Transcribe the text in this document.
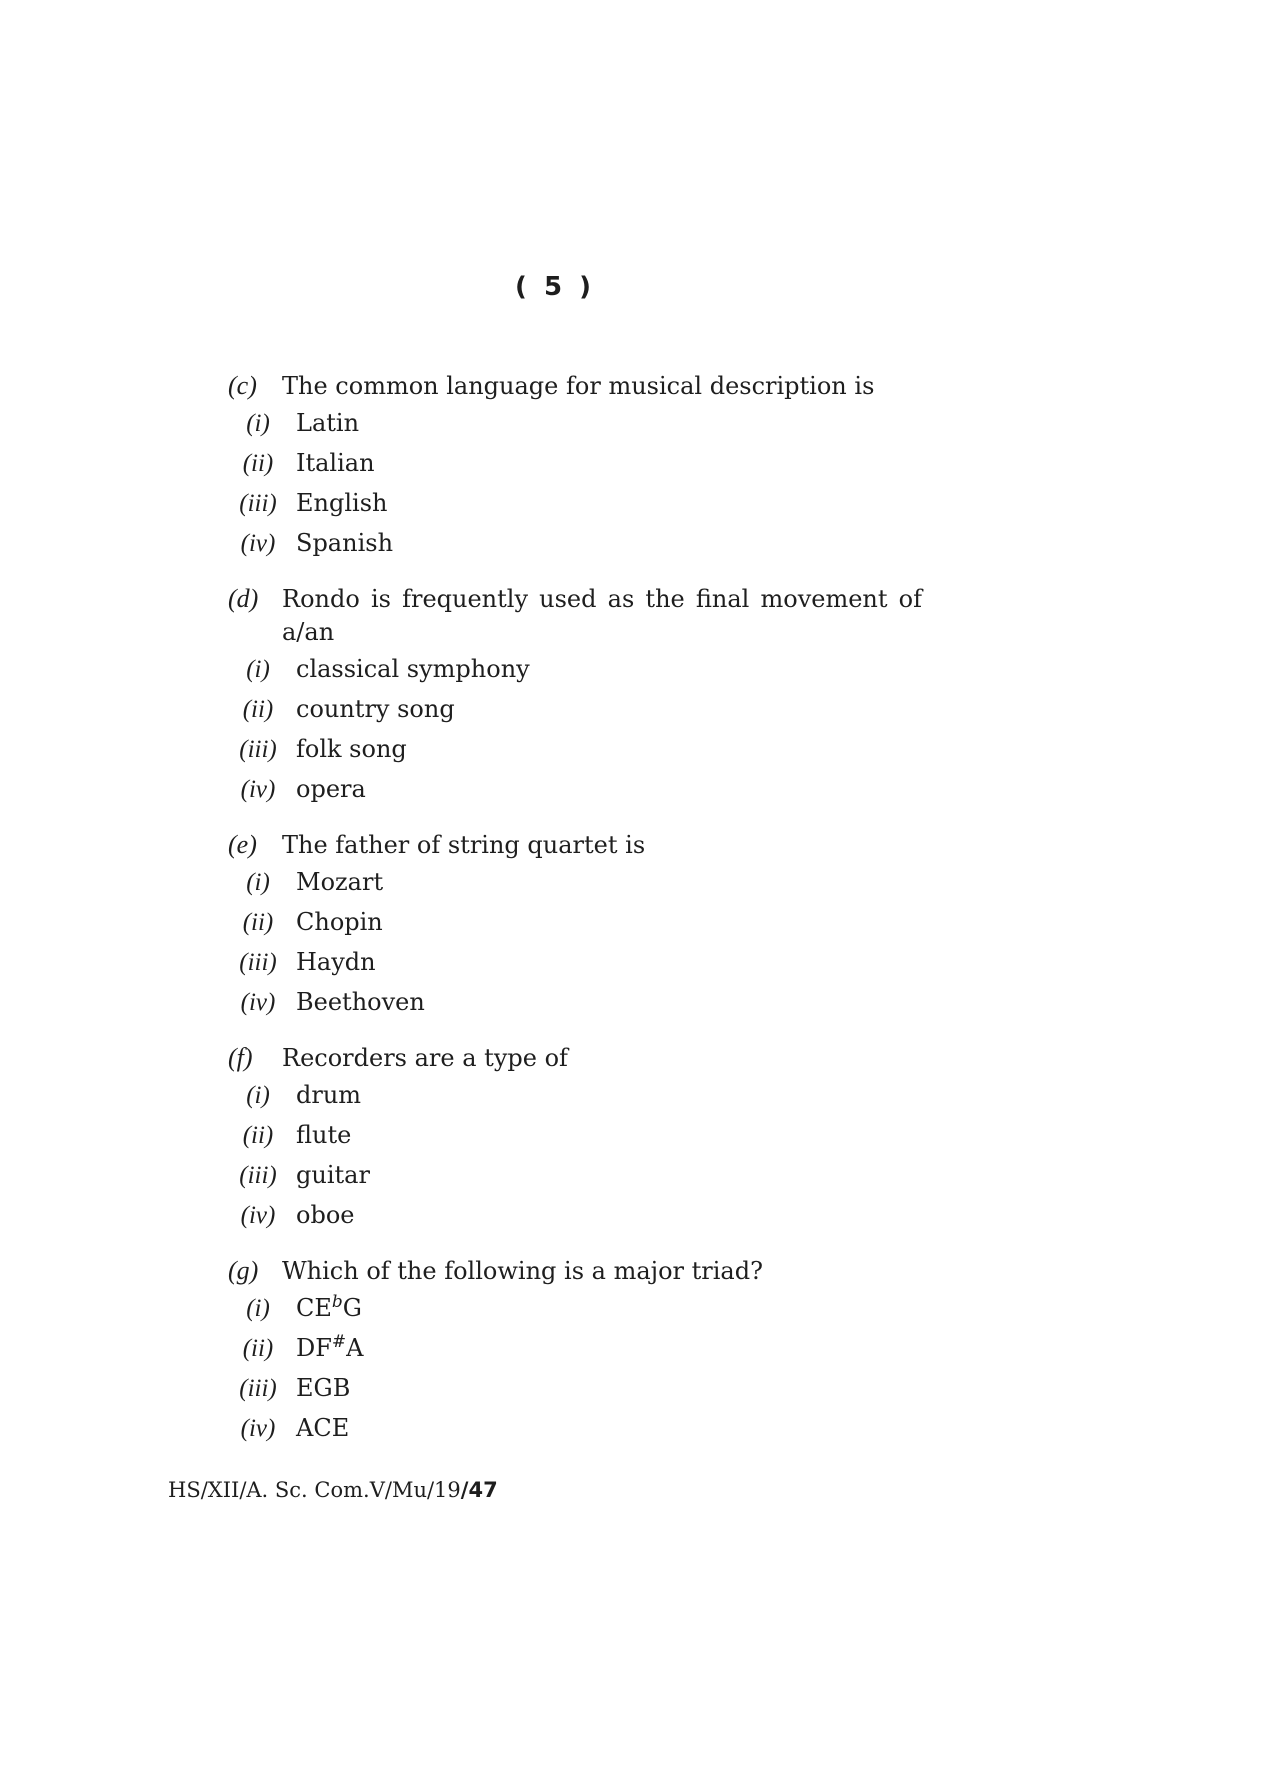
( 5 )
(c)	The common language for musical description is
(i)	Latin
(ii) Italian
(iii) English
(iv) Spanish
(d) Rondo is frequently used as the final movement of a/an
(i)	classical symphony
(ii) country song
(iii) folk song
(iv) opera
(e)	The father of string quartet is
(i)	Mozart
(ii) Chopin
(iii) Haydn
(iv) Beethoven
(f)	Recorders are a type of
(i)	drum
(ii) flute
(iii) guitar
(iv) oboe
(g) Which of the following is a major triad?
(i)	$CE^bG$
(ii) DF#A
(iii) EGB
(iv) ACE
HS/XII/A. Sc. Com.V/Mu/19/47
